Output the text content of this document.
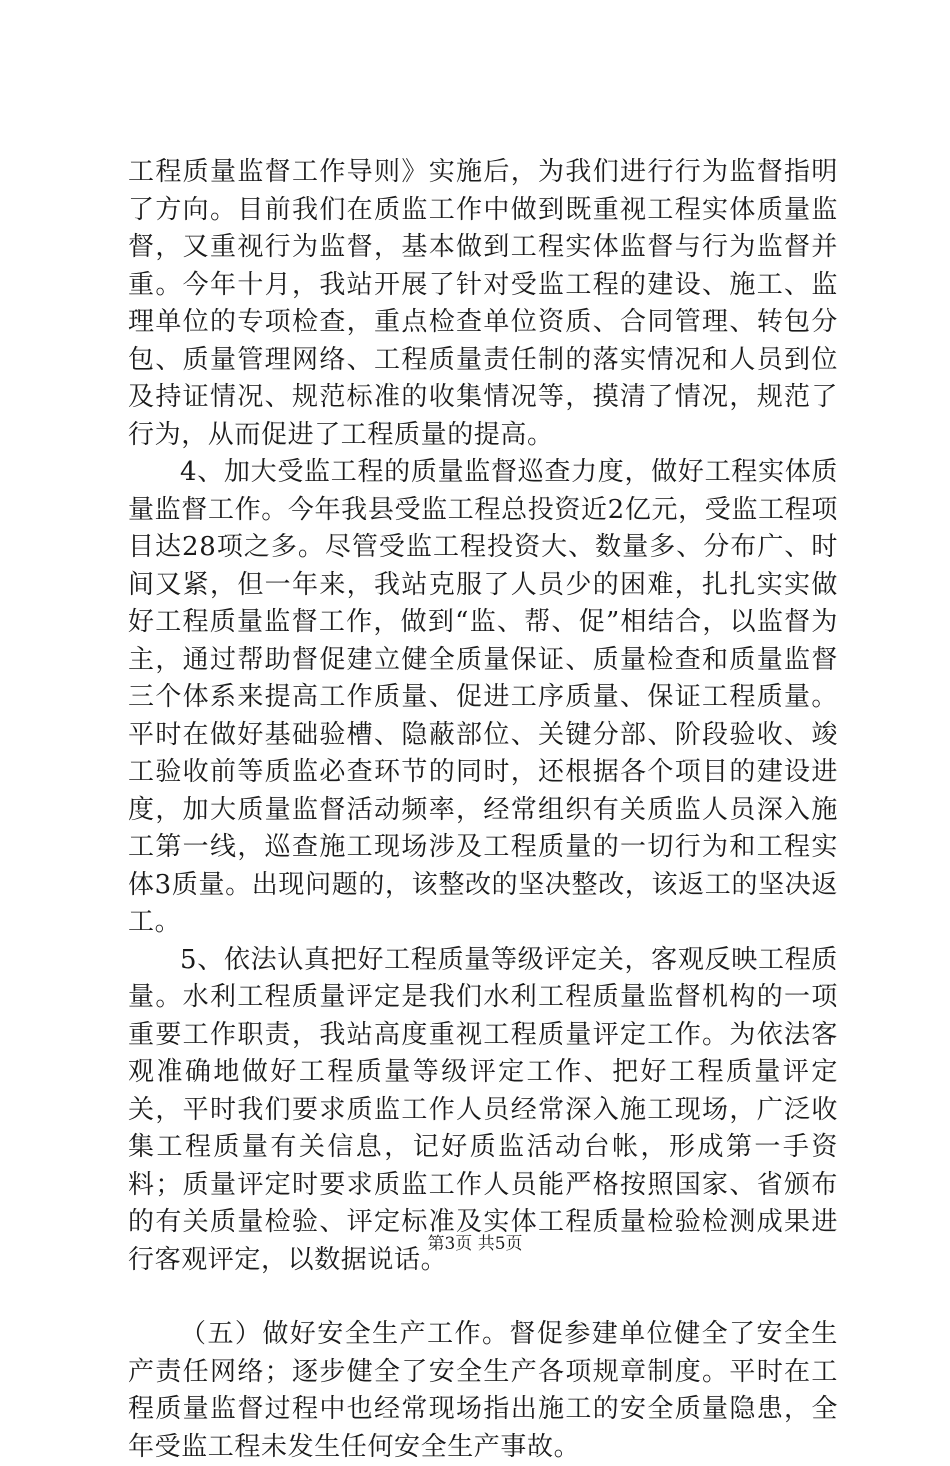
工程质量监督工作导则》实施后，为我们进行行为监督指明了方向。目前我们在质监工作中做到既重视工程实体质量监督，又重视行为监督，基本做到工程实体监督与行为监督并重。今年十月，我站开展了针对受监工程的建设、施工、监理单位的专项检查，重点检查单位资质、合同管理、转包分包、质量管理网络、工程质量责任制的落实情况和人员到位及持证情况、规范标准的收集情况等，摸清了情况，规范了行为，从而促进了工程质量的提高。

4、加大受监工程的质量监督巡查力度，做好工程实体质量监督工作。今年我县受监工程总投资近2亿元，受监工程项目达28项之多。尽管受监工程投资大、数量多、分布广、时间又紧，但一年来，我站克服了人员少的困难，扎扎实实做好工程质量监督工作，做到“监、帮、促”相结合，以监督为主，通过帮助督促建立健全质量保证、质量检查和质量监督三个体系来提高工作质量、促进工序质量、保证工程质量。平时在做好基础验槽、隐蔽部位、关键分部、阶段验收、竣工验收前等质监必查环节的同时，还根据各个项目的建设进度，加大质量监督活动频率，经常组织有关质监人员深入施工第一线，巡查施工现场涉及工程质量的一切行为和工程实体3质量。出现问题的，该整改的坚决整改，该返工的坚决返工。

5、依法认真把好工程质量等级评定关，客观反映工程质量。水利工程质量评定是我们水利工程质量监督机构的一项重要工作职责，我站高度重视工程质量评定工作。为依法客观准确地做好工程质量等级评定工作、把好工程质量评定关，平时我们要求质监工作人员经常深入施工现场，广泛收集工程质量有关信息，记好质监活动台帐，形成第一手资料；质量评定时要求质监工作人员能严格按照国家、省颁布的有关质量检验、评定标准及实体工程质量检验检测成果进行客观评定，以数据说话。

（五）做好安全生产工作。督促参建单位健全了安全生产责任网络；逐步健全了安全生产各项规章制度。平时在工程质量监督过程中也经常现场指出施工的安全质量隐患，全年受监工程未发生任何安全生产事故。

第3页 共5页
